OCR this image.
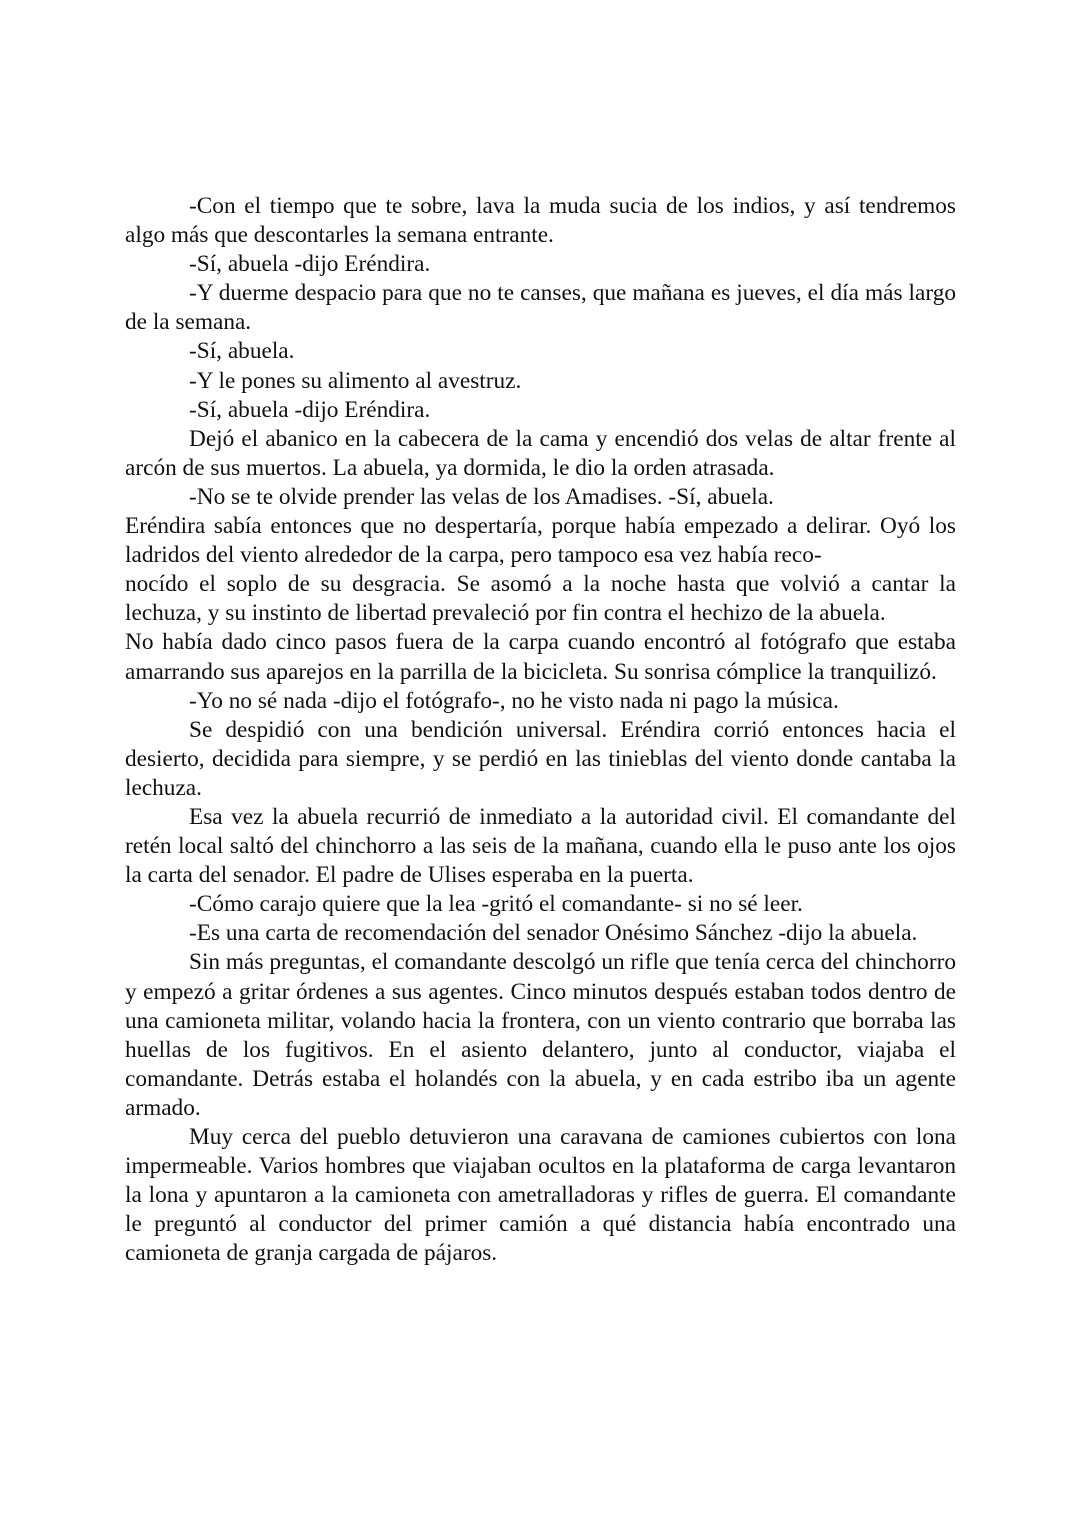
-Con el tiempo que te sobre, lava la muda sucia de los indios, y así tendremos algo más que descontarles la semana entrante.

-Sí, abuela -dijo Eréndira.

-Y duerme despacio para que no te canses, que mañana es jueves, el día más largo de la semana.

-Sí, abuela.

-Y le pones su alimento al avestruz.

-Sí, abuela -dijo Eréndira.

Dejó el abanico en la cabecera de la cama y encendió dos velas de altar frente al arcón de sus muertos. La abuela, ya dormida, le dio la orden atrasada.

-No se te olvide prender las velas de los Amadises. -Sí, abuela.

Eréndira sabía entonces que no despertaría, porque había empezado a delirar. Oyó los ladridos del viento alrededor de la carpa, pero tampoco esa vez había reco-

nocído el soplo de su desgracia. Se asomó a la noche hasta que volvió a cantar la lechuza, y su instinto de libertad prevaleció por fin contra el hechizo de la abuela.

No había dado cinco pasos fuera de la carpa cuando encontró al fotógrafo que estaba amarrando sus aparejos en la parrilla de la bicicleta. Su sonrisa cómplice la tranquilizó.

-Yo no sé nada -dijo el fotógrafo-, no he visto nada ni pago la música.

Se despidió con una bendición universal. Eréndira corrió entonces hacia el desierto, decidida para siempre, y se perdió en las tinieblas del viento donde cantaba la lechuza.

Esa vez la abuela recurrió de inmediato a la autoridad civil. El comandante del retén local saltó del chinchorro a las seis de la mañana, cuando ella le puso ante los ojos la carta del senador. El padre de Ulises esperaba en la puerta.

-Cómo carajo quiere que la lea -gritó el comandante- si no sé leer.

-Es una carta de recomendación del senador Onésimo Sánchez -dijo la abuela.

Sin más preguntas, el comandante descolgó un rifle que tenía cerca del chinchorro y empezó a gritar órdenes a sus agentes. Cinco minutos después estaban todos dentro de una camioneta militar, volando hacia la frontera, con un viento contrario que borraba las huellas de los fugitivos. En el asiento delantero, junto al conductor, viajaba el comandante. Detrás estaba el holandés con la abuela, y en cada estribo iba un agente armado.

Muy cerca del pueblo detuvieron una caravana de camiones cubiertos con lona impermeable. Varios hombres que viajaban ocultos en la plataforma de carga levantaron la lona y apuntaron a la camioneta con ametralladoras y rifles de guerra. El comandante le preguntó al conductor del primer camión a qué distancia había encontrado una camioneta de granja cargada de pájaros.
